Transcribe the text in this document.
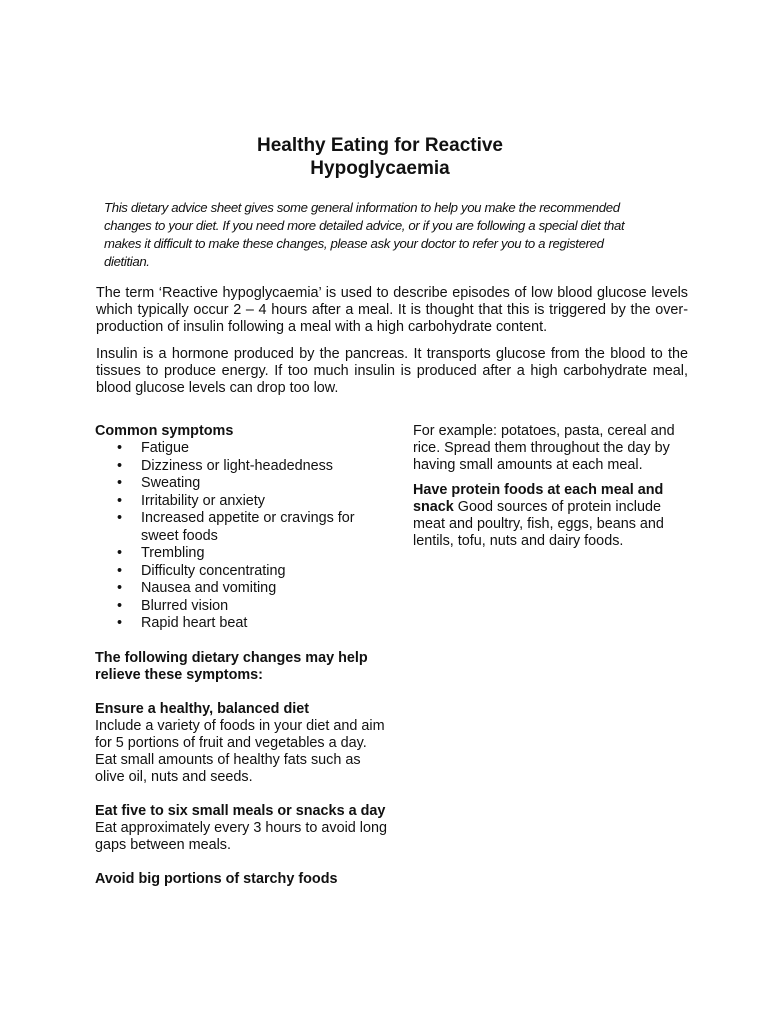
Healthy Eating for Reactive
Hypoglycaemia
This dietary advice sheet gives some general information to help you make the recommended changes to your diet. If you need more detailed advice, or if you are following a special diet that makes it difficult to make these changes, please ask your doctor to refer you to a registered dietitian.
The term ‘Reactive hypoglycaemia’ is used to describe episodes of low blood glucose levels which typically occur 2 – 4 hours after a meal. It is thought that this is triggered by the over- production of insulin following a meal with a high carbohydrate content.
Insulin is a hormone produced by the pancreas. It transports glucose from the blood to the tissues to produce energy. If too much insulin is produced after a high carbohydrate meal, blood glucose levels can drop too low.
Common symptoms
• Fatigue
• Dizziness or light-headedness
• Sweating
• Irritability or anxiety
• Increased appetite or cravings for sweet foods
• Trembling
• Difficulty concentrating
• Nausea and vomiting
• Blurred vision
• Rapid heart beat
The following dietary changes may help relieve these symptoms:
Ensure a healthy, balanced diet
Include a variety of foods in your diet and aim for 5 portions of fruit and vegetables a day.
Eat small amounts of healthy fats such as olive oil, nuts and seeds.
Eat five to six small meals or snacks a day Eat approximately every 3 hours to avoid long gaps between meals.
Avoid big portions of starchy foods
For example: potatoes, pasta, cereal and rice. Spread them throughout the day by having small amounts at each meal.
Have protein foods at each meal and snack Good sources of protein include meat and poultry, fish, eggs, beans and lentils, tofu, nuts and dairy foods.
